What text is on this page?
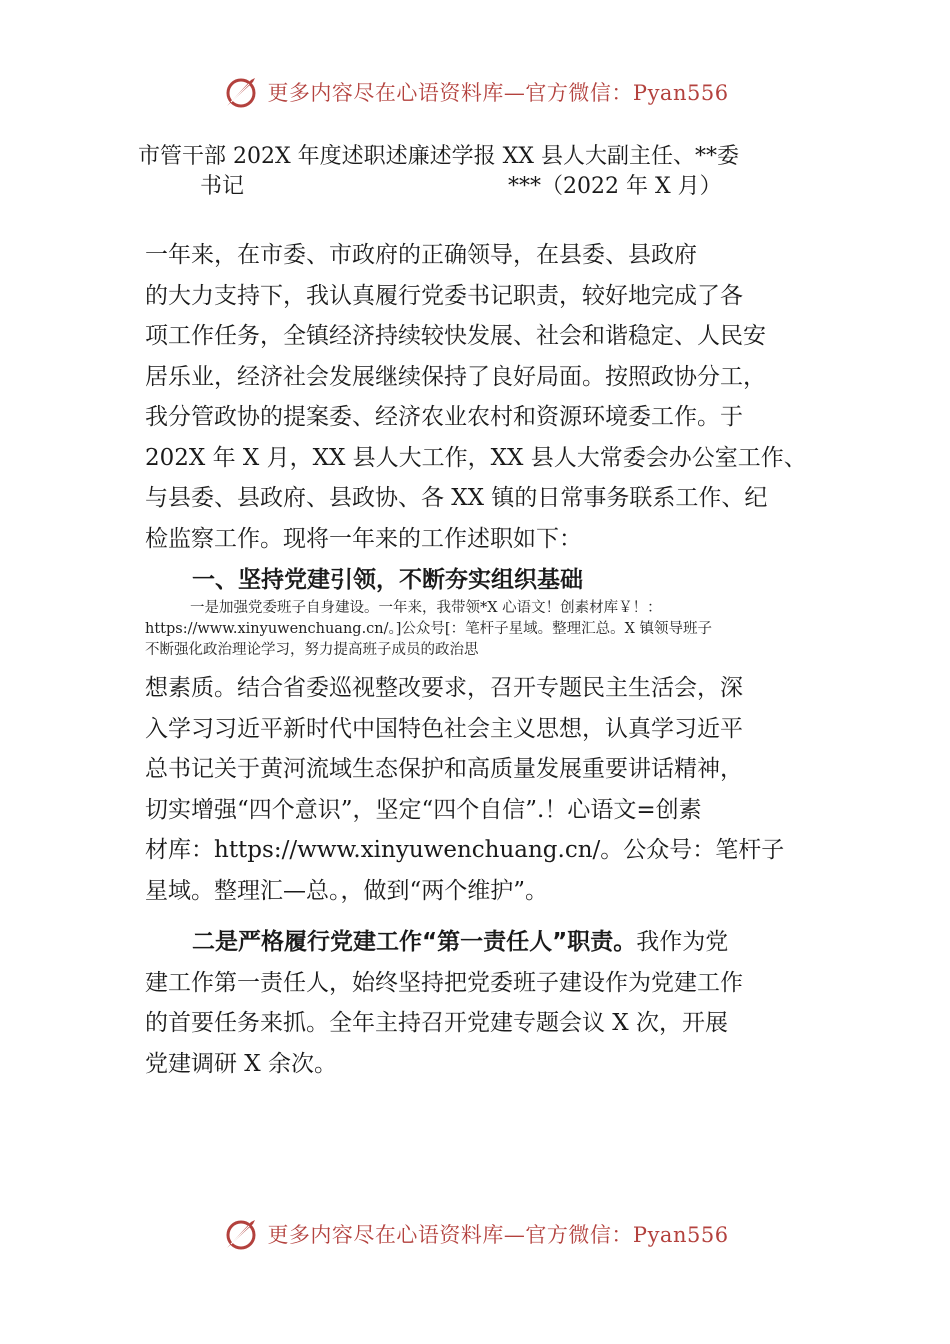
更多内容尽在心语资料库—官方微信：Pyan556
市管干部 202X 年度述职述廉述学报 XX 县人大副主任、**委
书记	***（2022 年 X 月）
一年来，在市委、市政府的正确领导，在县委、县政府
的大力支持下，我认真履行党委书记职责，较好地完成了各
项工作任务，全镇经济持续较快发展、社会和谐稳定、人民安
居乐业，经济社会发展继续保持了良好局面。按照政协分工，
我分管政协的提案委、经济农业农村和资源环境委工作。于
202X 年 X 月，XX 县人大工作，XX 县人大常委会办公室工作、
与县委、县政府、县政协、各 XX 镇的日常事务联系工作、纪
检监察工作。现将一年来的工作述职如下：
一、坚持党建引领，不断夯实组织基础
一是加强党委班子自身建设。一年来，我带领*X 心语文！创素材库￥！：
https://www.xinyuwenchuang.cn/。]公众号[：笔杆子星域。整理汇总。X 镇领导班子
不断强化政治理论学习，努力提高班子成员的政治思
想素质。结合省委巡视整改要求，召开专题民主生活会，深
入学习习近平新时代中国特色社会主义思想，认真学习近平
总书记关于黄河流域生态保护和高质量发展重要讲话精神，
切实增强“四个意识”，坚定“四个自信”.！心语文=创素
材库：https://www.xinyuwenchuang.cn/。公众号：笔杆子
星域。整理汇—总。，做到“两个维护”。
二是严格履行党建工作“第一责任人”职责。我作为党
建工作第一责任人，始终坚持把党委班子建设作为党建工作
的首要任务来抓。全年主持召开党建专题会议 X 次，开展
党建调研 X 余次。
更多内容尽在心语资料库—官方微信：Pyan556
